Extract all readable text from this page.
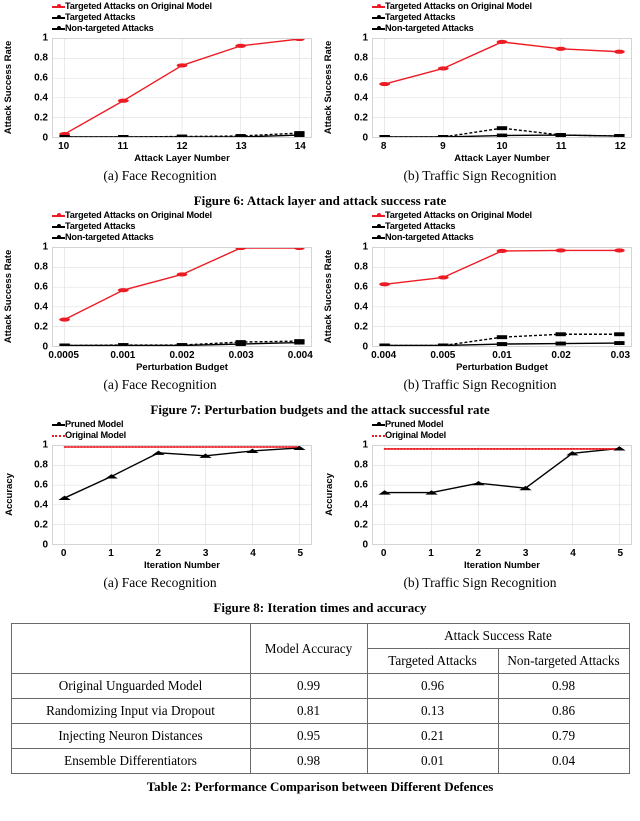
Targeted Attacks on Original Model
Targeted Attacks
Non-targeted Attacks
Attack Success Rate
0
0.2
0.4
0.6
0.8
1
10	11	12	13	14
Attack Layer Number
(a) Face Recognition
Targeted Attacks on Original Model
Targeted Attacks
Non-targeted Attacks
Attack Success Rate
0
0.2
0.4
0.6
0.8
1
8	9	10	11	12
Attack Layer Number
(b) Traffic Sign Recognition
Figure 6: Attack layer and attack success rate
Targeted Attacks on Original Model
Targeted Attacks
Non-targeted Attacks
Attack Success Rate
0
0.2
0.4
0.6
0.8
1
0.0005	0.001	0.002	0.003	0.004
Perturbation Budget
(a) Face Recognition
Targeted Attacks on Original Model
Targeted Attacks
Non-targeted Attacks
Attack Success Rate
0
0.2
0.4
0.6
0.8
1
0.004	0.005	0.01	0.02	0.03
Perturbation Budget
(b) Traffic Sign Recognition
Figure 7: Perturbation budgets and the attack successful rate
Pruned Model
Original Model
Accuracy
0
0.2
0.4
0.6
0.8
1
0	1	2	3	4	5
Iteration Number
(a) Face Recognition
Pruned Model
Original Model
Accuracy
0
0.2
0.4
0.6
0.8
1
0	1	2	3	4	5
Iteration Number
(b) Traffic Sign Recognition
Figure 8: Iteration times and accuracy
	Model Accuracy	Attack Success Rate	
		Targeted Attacks	Non-targeted Attacks
Original Unguarded Model	0.99	0.96	0.98
Randomizing Input via Dropout	0.81	0.13	0.86
Injecting Neuron Distances	0.95	0.21	0.79
Ensemble Differentiators	0.98	0.01	0.04
Table 2: Performance Comparison between Different Defences
